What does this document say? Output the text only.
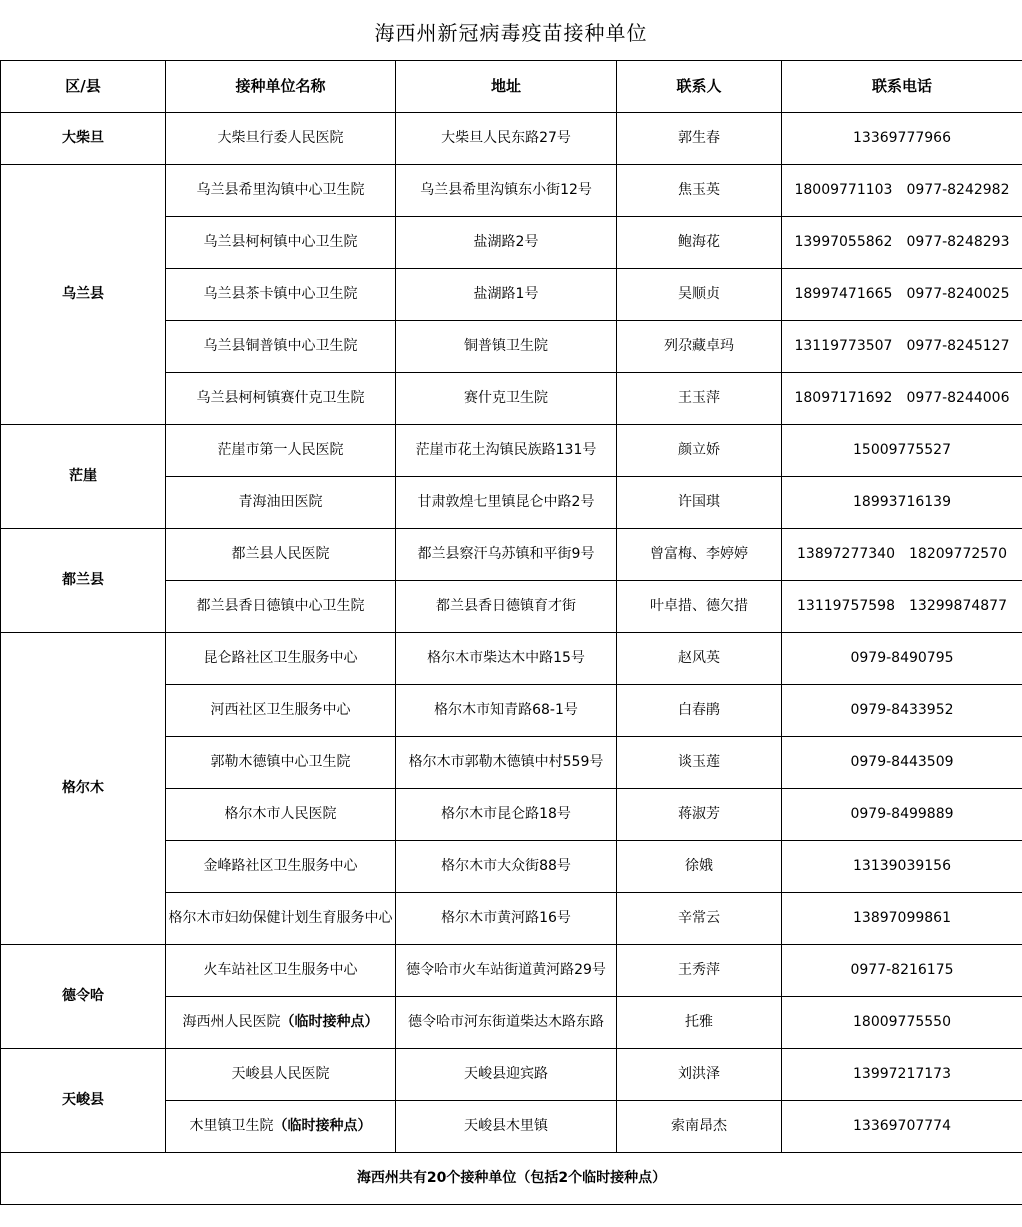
海西州新冠病毒疫苗接种单位
区/县	接种单位名称	地址	联系人	联系电话
大柴旦	大柴旦行委人民医院	大柴旦人民东路27号	郭生春	13369777966
乌兰县	乌兰县希里沟镇中心卫生院	乌兰县希里沟镇东小街12号	焦玉英	18009771103 0977-8242982
	乌兰县柯柯镇中心卫生院	盐湖路2号	鲍海花	13997055862 0977-8248293
	乌兰县茶卡镇中心卫生院	盐湖路1号	吴顺贞	18997471665 0977-8240025
	乌兰县铜普镇中心卫生院	铜普镇卫生院	列尕藏卓玛	13119773507 0977-8245127
	乌兰县柯柯镇赛什克卫生院	赛什克卫生院	王玉萍	18097171692 0977-8244006
茫崖	茫崖市第一人民医院	茫崖市花土沟镇民族路131号	颜立娇	15009775527
	青海油田医院	甘肃敦煌七里镇昆仑中路2号	许国琪	18993716139
都兰县	都兰县人民医院	都兰县察汗乌苏镇和平街9号	曾富梅、李婷婷	13897277340 18209772570
	都兰县香日德镇中心卫生院	都兰县香日德镇育才街	叶卓措、德欠措	13119757598 13299874877
格尔木	昆仑路社区卫生服务中心	格尔木市柴达木中路15号	赵风英	0979-8490795
	河西社区卫生服务中心	格尔木市知青路68-1号	白春鹃	0979-8433952
	郭勒木德镇中心卫生院	格尔木市郭勒木德镇中村559号	谈玉莲	0979-8443509
	格尔木市人民医院	格尔木市昆仑路18号	蒋淑芳	0979-8499889
	金峰路社区卫生服务中心	格尔木市大众街88号	徐娥	13139039156
	格尔木市妇幼保健计划生育服务中心	格尔木市黄河路16号	辛常云	13897099861
德令哈	火车站社区卫生服务中心	德令哈市火车站街道黄河路29号	王秀萍	0977-8216175
	海西州人民医院（临时接种点）	德令哈市河东街道柴达木路东路	托雅	18009775550
天峻县	天峻县人民医院	天峻县迎宾路	刘洪泽	13997217173
	木里镇卫生院（临时接种点）	天峻县木里镇	索南昂杰	13369707774
海西州共有20个接种单位（包括2个临时接种点）				
